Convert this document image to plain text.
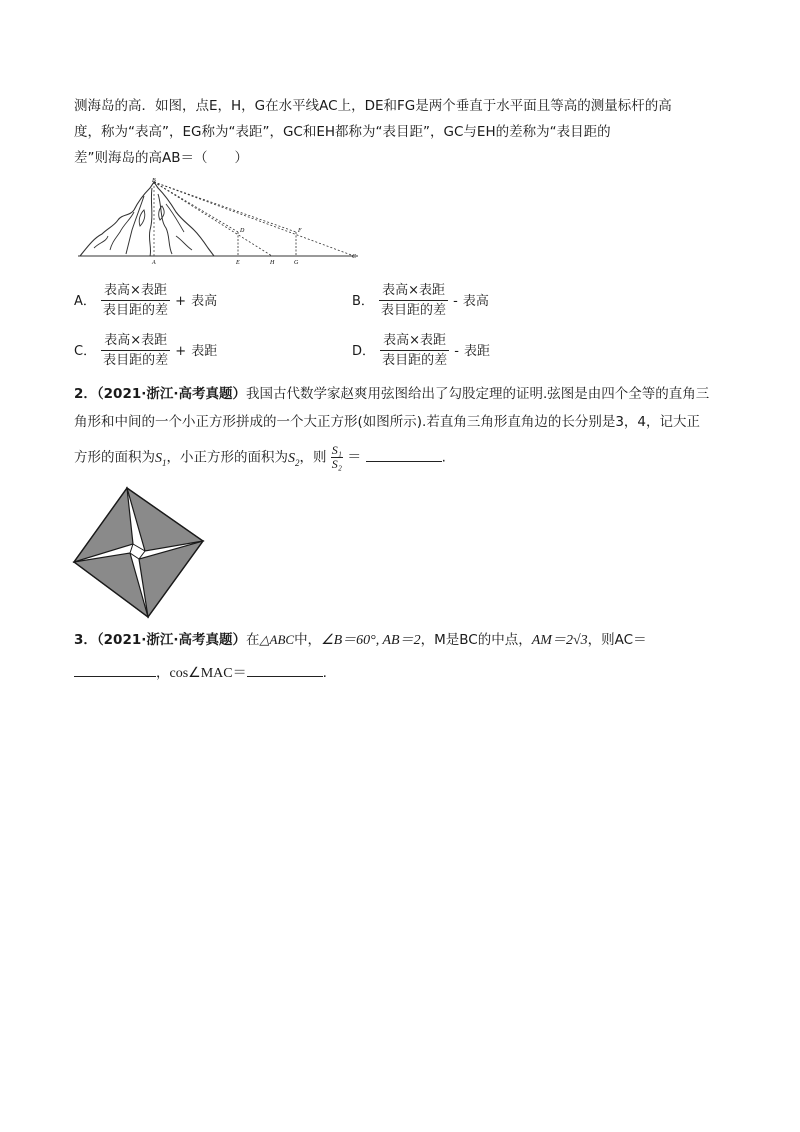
测海岛的高．如图，点E，H，G在水平线AC上，DE和FG是两个垂直于水平面且等高的测量标杆的高
度，称为“表高”，EG称为“表距”，GC和EH都称为“表目距”，GC与EH的差称为“表目距的
差”则海岛的高AB＝（　　）
B
A
D	F
E	H	G
C
A． $\frac{\text{表高×表距}}{\text{表目距的差}}$ + 表高	B． $\frac{\text{表高×表距}}{\text{表目距的差}}$ - 表高
C． $\frac{\text{表高×表距}}{\text{表目距的差}}$ + 表距	D． $\frac{\text{表高×表距}}{\text{表目距的差}}$ - 表距
2．（2021·浙江·高考真题）我国古代数学家赵爽用弦图给出了勾股定理的证明.弦图是由四个全等的直角三
角形和中间的一个小正方形拼成的一个大正方形(如图所示).若直角三角形直角边的长分别是3，4，记大正
方形的面积为$S_1$，小正方形的面积为$S_2$，则 $\frac{\text{S₁}}{\text{S₂}}$ ＝	.
3．（2021·浙江·高考真题）在△ABC中，∠B＝60°, AB＝2，M是BC的中点，AM＝2√3，则AC＝
，cos∠MAC＝	.
